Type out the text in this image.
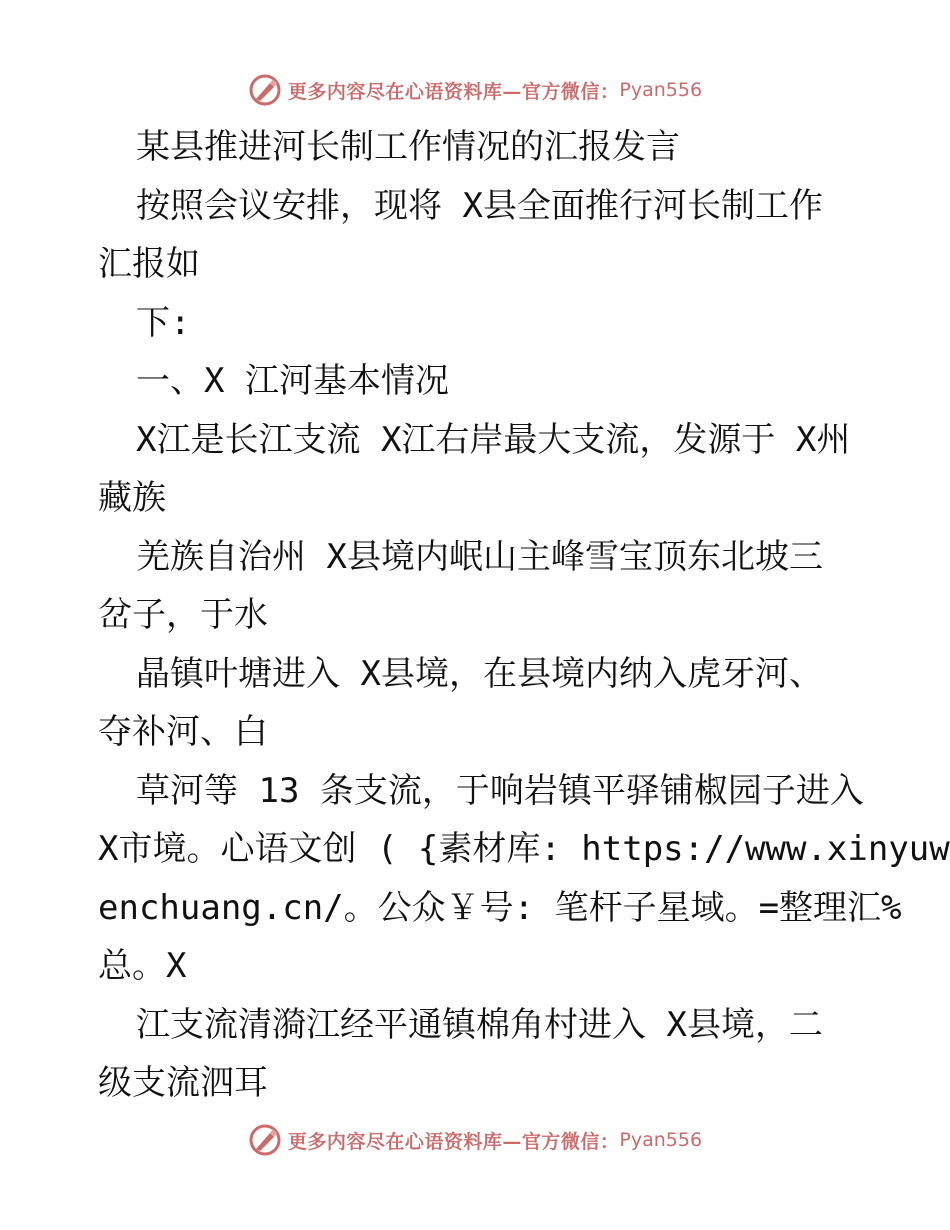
更多内容尽在心语资料库—官方微信： Pyan556
某县推进河长制工作情况的汇报发言
按照会议安排，现将 X县全面推行河长制工作
汇报如
下:
一、X 江河基本情况
X江是长江支流 X江右岸最大支流，发源于 X州
藏族
羌族自治州 X县境内岷山主峰雪宝顶东北坡三
岔子，于水
晶镇叶塘进入 X县境，在县境内纳入虎牙河、
夺补河、白
草河等 13 条支流，于响岩镇平驿铺椒园子进入
X市境。心语文创 ( {素材库: https://www.xinyuw
enchuang.cn/。公众￥号: 笔杆子星域。=整理汇%
总。X
江支流清漪江经平通镇棉角村进入 X县境，二
级支流泗耳
更多内容尽在心语资料库—官方微信： Pyan556
